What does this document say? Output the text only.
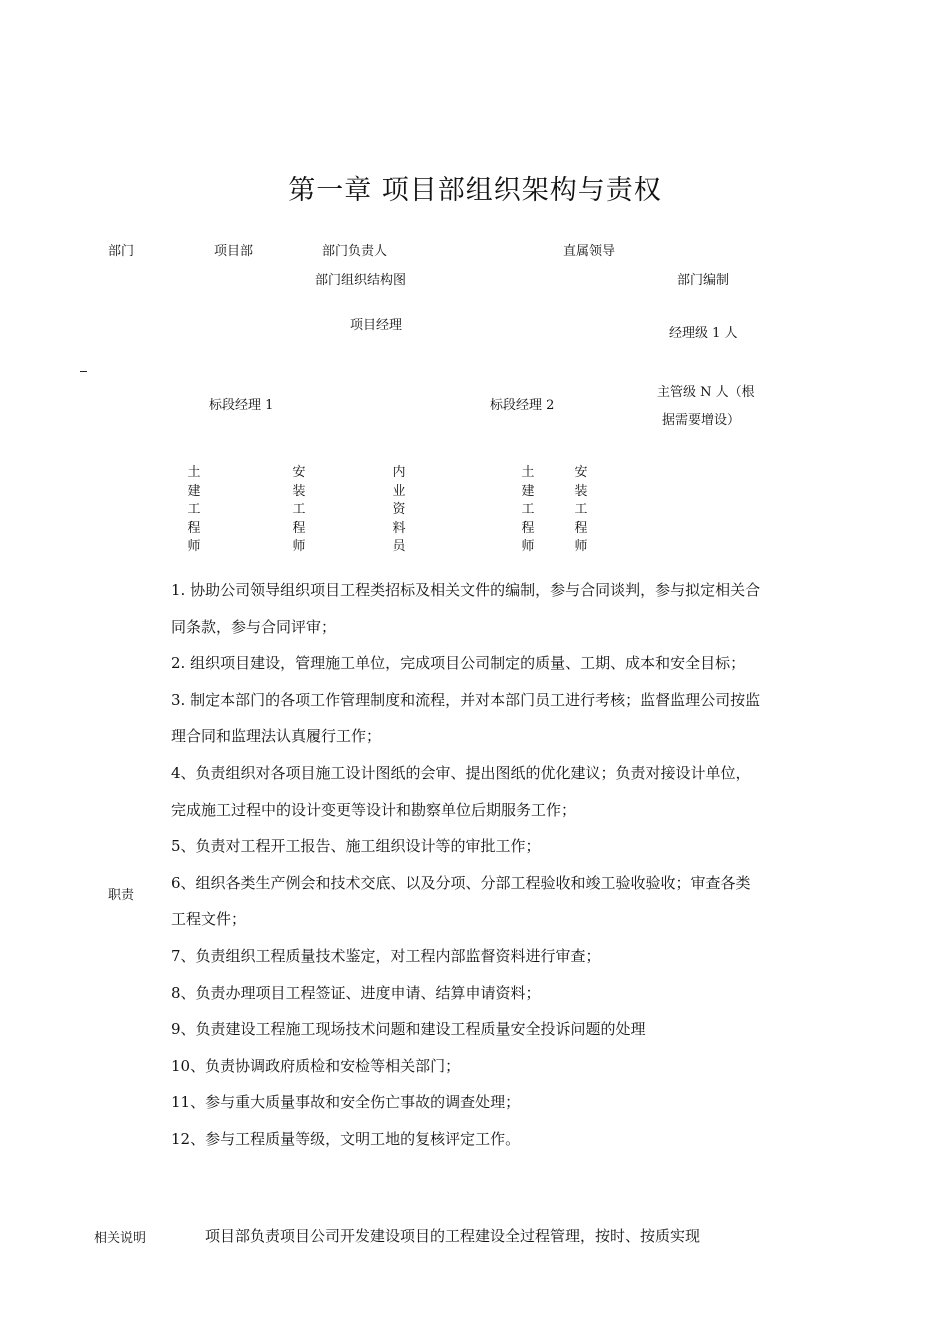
第一章 项目部组织架构与责权
部门	项目部	部门负责人	直属领导
部门组织结构图
项目经理
标段经理 1	标段经理 2
土建工程师
安装工程师
内业资料员
土建工程师
安装工程师
部门编制
经理级 1 人
主管级 N 人（根
据需要增设）
职责
1. 协助公司领导组织项目工程类招标及相关文件的编制，参与合同谈判，参与拟定相关合同条款，参与合同评审；
2. 组织项目建设，管理施工单位，完成项目公司制定的质量、工期、成本和安全目标；
3. 制定本部门的各项工作管理制度和流程，并对本部门员工进行考核；监督监理公司按监理合同和监理法认真履行工作；
4、负责组织对各项目施工设计图纸的会审、提出图纸的优化建议；负责对接设计单位，完成施工过程中的设计变更等设计和勘察单位后期服务工作；
5、负责对工程开工报告、施工组织设计等的审批工作；
6、组织各类生产例会和技术交底、以及分项、分部工程验收和竣工验收验收；审查各类工程文件；
7、负责组织工程质量技术鉴定，对工程内部监督资料进行审查；
8、负责办理项目工程签证、进度申请、结算申请资料；
9、负责建设工程施工现场技术问题和建设工程质量安全投诉问题的处理
10、负责协调政府质检和安检等相关部门；
11、参与重大质量事故和安全伤亡事故的调查处理；
12、参与工程质量等级，文明工地的复核评定工作。
相关说明	项目部负责项目公司开发建设项目的工程建设全过程管理，按时、按质实现
